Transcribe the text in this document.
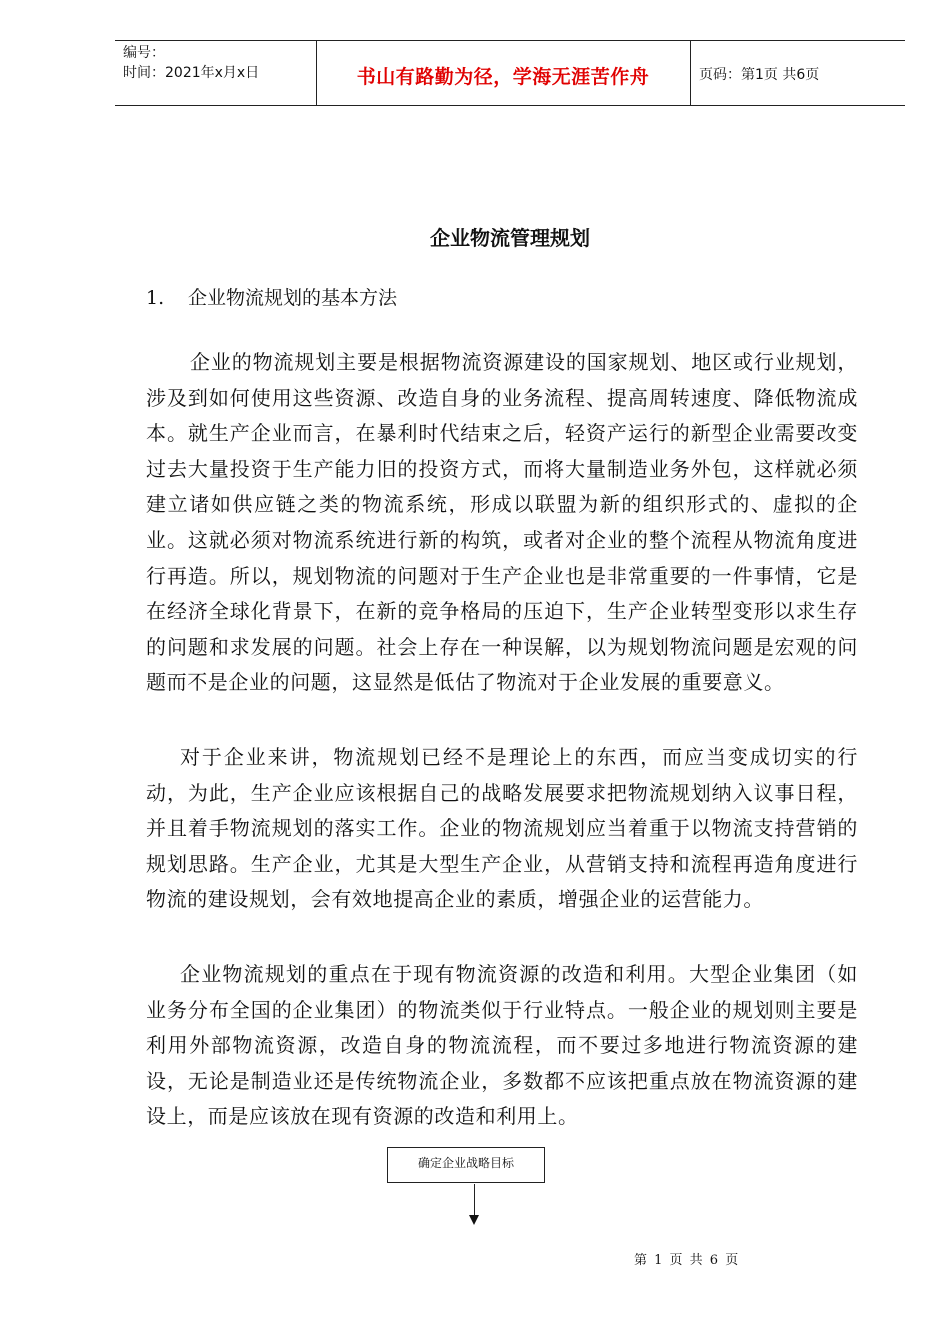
编号：
时间：2021年x月x日	书山有路勤为径，学海无涯苦作舟	页码：第1页 共6页
企业物流管理规划
1. 企业物流规划的基本方法

企业的物流规划主要是根据物流资源建设的国家规划、地区或行业规划，涉及到如何使用这些资源、改造自身的业务流程、提高周转速度、降低物流成本。就生产企业而言，在暴利时代结束之后，轻资产运行的新型企业需要改变过去大量投资于生产能力旧的投资方式，而将大量制造业务外包，这样就必须建立诸如供应链之类的物流系统，形成以联盟为新的组织形式的、虚拟的企业。这就必须对物流系统进行新的构筑，或者对企业的整个流程从物流角度进行再造。所以，规划物流的问题对于生产企业也是非常重要的一件事情，它是在经济全球化背景下，在新的竞争格局的压迫下，生产企业转型变形以求生存的问题和求发展的问题。社会上存在一种误解，以为规划物流问题是宏观的问题而不是企业的问题，这显然是低估了物流对于企业发展的重要意义。

对于企业来讲，物流规划已经不是理论上的东西，而应当变成切实的行动，为此，生产企业应该根据自己的战略发展要求把物流规划纳入议事日程，并且着手物流规划的落实工作。企业的物流规划应当着重于以物流支持营销的规划思路。生产企业，尤其是大型生产企业，从营销支持和流程再造角度进行物流的建设规划，会有效地提高企业的素质，增强企业的运营能力。

企业物流规划的重点在于现有物流资源的改造和利用。大型企业集团（如业务分布全国的企业集团）的物流类似于行业特点。一般企业的规划则主要是利用外部物流资源，改造自身的物流流程，而不要过多地进行物流资源的建设，无论是制造业还是传统物流企业，多数都不应该把重点放在物流资源的建设上，而是应该放在现有资源的改造和利用上。

确定企业战略目标
第 1 页 共 6 页
